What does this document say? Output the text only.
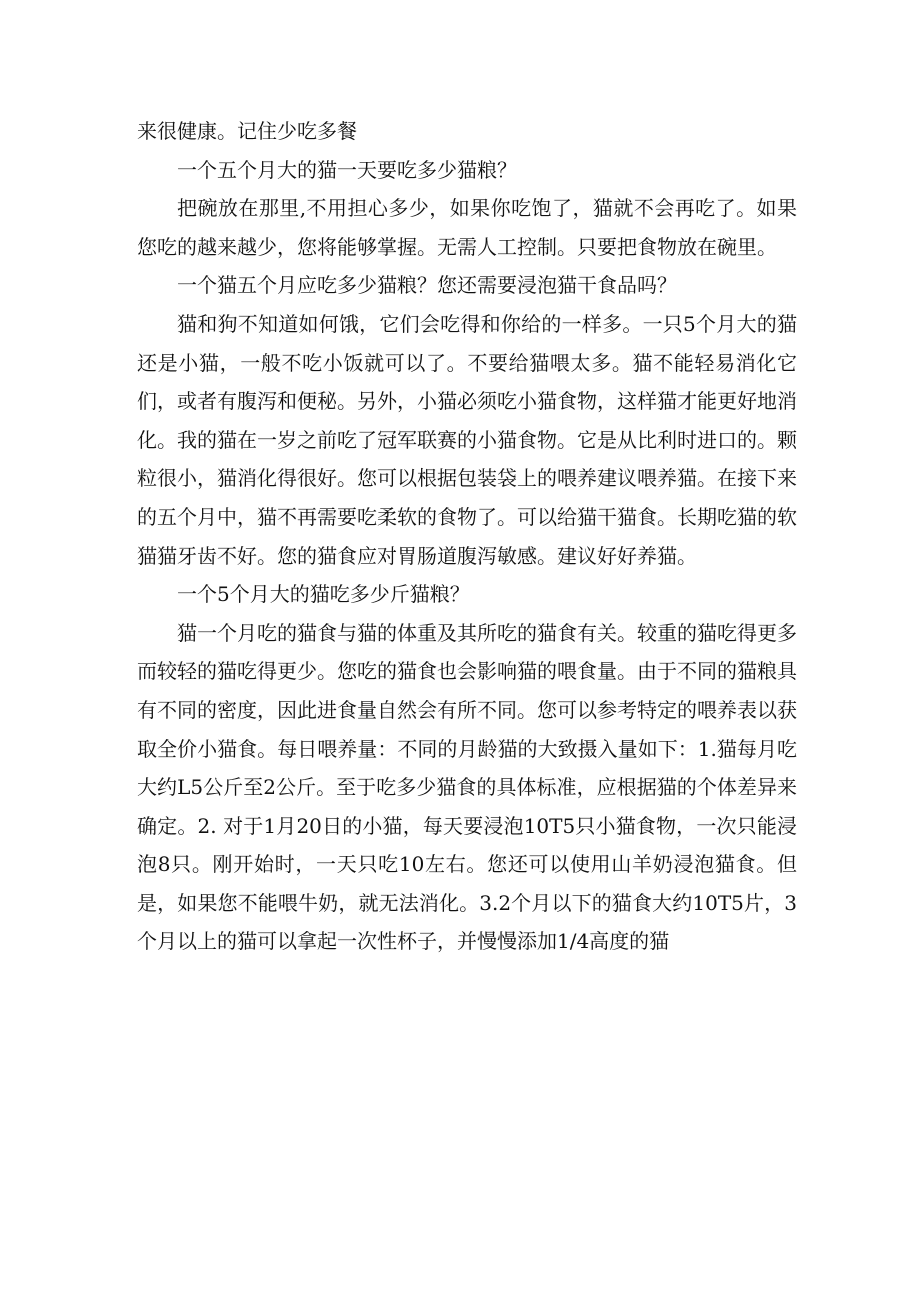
来很健康。记住少吃多餐

一个五个月大的猫一天要吃多少猫粮？

把碗放在那里,不用担心多少，如果你吃饱了，猫就不会再吃了。如果您吃的越来越少，您将能够掌握。无需人工控制。只要把食物放在碗里。

一个猫五个月应吃多少猫粮？您还需要浸泡猫干食品吗？

猫和狗不知道如何饿，它们会吃得和你给的一样多。一只5个月大的猫还是小猫，一般不吃小饭就可以了。不要给猫喂太多。猫不能轻易消化它们，或者有腹泻和便秘。另外，小猫必须吃小猫食物，这样猫才能更好地消化。我的猫在一岁之前吃了冠军联赛的小猫食物。它是从比利时进口的。颗粒很小，猫消化得很好。您可以根据包装袋上的喂养建议喂养猫。在接下来的五个月中，猫不再需要吃柔软的食物了。可以给猫干猫食。长期吃猫的软猫猫牙齿不好。您的猫食应对胃肠道腹泻敏感。建议好好养猫。

一个5个月大的猫吃多少斤猫粮？

猫一个月吃的猫食与猫的体重及其所吃的猫食有关。较重的猫吃得更多而较轻的猫吃得更少。您吃的猫食也会影响猫的喂食量。由于不同的猫粮具有不同的密度，因此进食量自然会有所不同。您可以参考特定的喂养表以获取全价小猫食。每日喂养量：不同的月龄猫的大致摄入量如下：1.猫每月吃大约L5公斤至2公斤。至于吃多少猫食的具体标准，应根据猫的个体差异来确定。2. 对于1月20日的小猫，每天要浸泡10T5只小猫食物，一次只能浸泡8只。刚开始时，一天只吃10左右。您还可以使用山羊奶浸泡猫食。但是，如果您不能喂牛奶，就无法消化。3.2个月以下的猫食大约10T5片，3个月以上的猫可以拿起一次性杯子，并慢慢添加1/4高度的猫
